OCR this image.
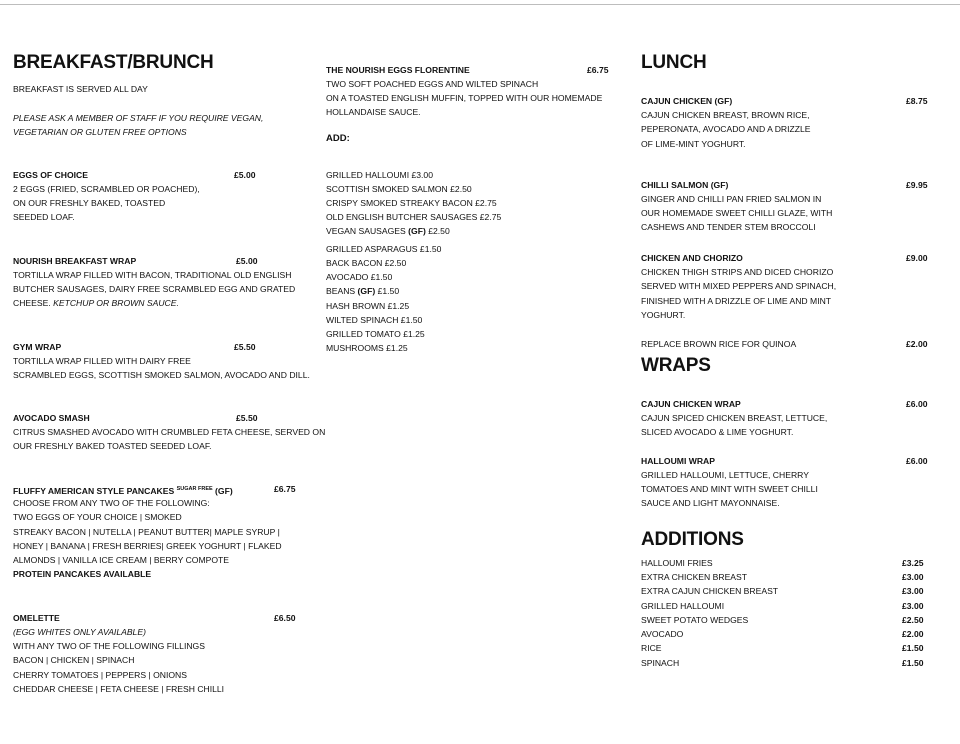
BREAKFAST/BRUNCH
BREAKFAST IS SERVED ALL DAY
PLEASE ASK A MEMBER OF STAFF IF YOU REQUIRE VEGAN,
VEGETARIAN OR GLUTEN FREE OPTIONS
EGGS OF CHOICE	£5.00
2 EGGS (FRIED, SCRAMBLED OR POACHED),
ON OUR FRESHLY BAKED, TOASTED
SEEDED LOAF.
NOURISH BREAKFAST WRAP	£5.00
TORTILLA WRAP FILLED WITH BACON, TRADITIONAL OLD ENGLISH
BUTCHER SAUSAGES, DAIRY FREE SCRAMBLED EGG AND GRATED
CHEESE. KETCHUP OR BROWN SAUCE.
GYM WRAP	£5.50
TORTILLA WRAP FILLED WITH DAIRY FREE
SCRAMBLED EGGS, SCOTTISH SMOKED SALMON, AVOCADO AND DILL.
AVOCADO SMASH	£5.50
CITRUS SMASHED AVOCADO WITH CRUMBLED FETA CHEESE, SERVED ON
OUR FRESHLY BAKED TOASTED SEEDED LOAF.
FLUFFY AMERICAN STYLE PANCAKES $^{SUGAR FREE}$ (GF)	£6.75
CHOOSE FROM ANY TWO OF THE FOLLOWING:
TWO EGGS OF YOUR CHOICE | SMOKED
STREAKY BACON | NUTELLA | PEANUT BUTTER| MAPLE SYRUP |
HONEY | BANANA | FRESH BERRIES| GREEK YOGHURT | FLAKED
ALMONDS | VANILLA ICE CREAM | BERRY COMPOTE
PROTEIN PANCAKES AVAILABLE
OMELETTE	£6.50
(EGG WHITES ONLY AVAILABLE)
WITH ANY TWO OF THE FOLLOWING FILLINGS
BACON | CHICKEN | SPINACH
CHERRY TOMATOES | PEPPERS | ONIONS
CHEDDAR CHEESE | FETA CHEESE | FRESH CHILLI
THE NOURISH EGGS FLORENTINE	£6.75
TWO SOFT POACHED EGGS AND WILTED SPINACH
ON A TOASTED ENGLISH MUFFIN, TOPPED WITH OUR HOMEMADE
HOLLANDAISE SAUCE.
ADD:
GRILLED HALLOUMI £3.00
SCOTTISH SMOKED SALMON £2.50
CRISPY SMOKED STREAKY BACON £2.75
OLD ENGLISH BUTCHER SAUSAGES £2.75
VEGAN SAUSAGES (GF) £2.50
GRILLED ASPARAGUS £1.50
BACK BACON £2.50
AVOCADO £1.50
BEANS (GF) £1.50
HASH BROWN £1.25
WILTED SPINACH £1.50
GRILLED TOMATO £1.25
MUSHROOMS £1.25
LUNCH
CAJUN CHICKEN (GF)	£8.75
CAJUN CHICKEN BREAST, BROWN RICE,
PEPERONATA, AVOCADO AND A DRIZZLE
OF LIME-MINT YOGHURT.
CHILLI SALMON (GF)	£9.95
GINGER AND CHILLI PAN FRIED SALMON IN
OUR HOMEMADE SWEET CHILLI GLAZE, WITH
CASHEWS AND TENDER STEM BROCCOLI
CHICKEN AND CHORIZO	£9.00
CHICKEN THIGH STRIPS AND DICED CHORIZO
SERVED WITH MIXED PEPPERS AND SPINACH,
FINISHED WITH A DRIZZLE OF LIME AND MINT
YOGHURT.
REPLACE BROWN RICE FOR QUINOA	£2.00
WRAPS
CAJUN CHICKEN WRAP	£6.00
CAJUN SPICED CHICKEN BREAST, LETTUCE,
SLICED AVOCADO & LIME YOGHURT.
HALLOUMI WRAP	£6.00
GRILLED HALLOUMI, LETTUCE, CHERRY
TOMATOES AND MINT WITH SWEET CHILLI
SAUCE AND LIGHT MAYONNAISE.
ADDITIONS
HALLOUMI FRIES	£3.25
EXTRA CHICKEN BREAST	£3.00
EXTRA CAJUN CHICKEN BREAST	£3.00
GRILLED HALLOUMI	£3.00
SWEET POTATO WEDGES	£2.50
AVOCADO	£2.00
RICE	£1.50
SPINACH	£1.50
